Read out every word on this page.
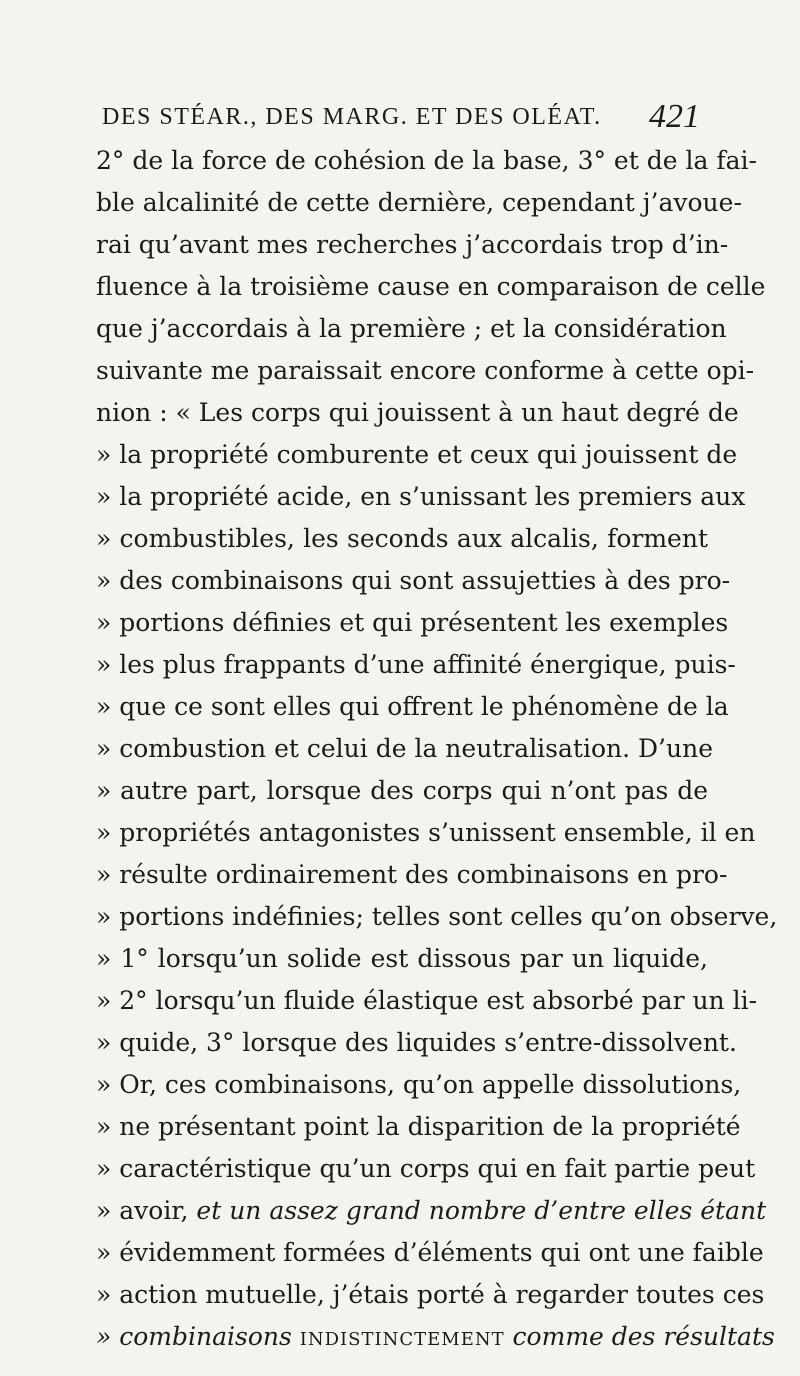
DES STÉAR., DES MARG. ET DES OLÉAT. 421
2° de la force de cohésion de la base, 3° et de la fai-
ble alcalinité de cette dernière, cependant j’avoue-
rai qu’avant mes recherches j’accordais trop d’in-
fluence à la troisième cause en comparaison de celle
que j’accordais à la première ; et la considération
suivante me paraissait encore conforme à cette opi-
nion : « Les corps qui jouissent à un haut degré de
» la propriété comburente et ceux qui jouissent de
» la propriété acide, en s’unissant les premiers aux
» combustibles, les seconds aux alcalis, forment
» des combinaisons qui sont assujetties à des pro-
» portions définies et qui présentent les exemples
» les plus frappants d’une affinité énergique, puis-
» que ce sont elles qui offrent le phénomène de la
» combustion et celui de la neutralisation. D’une
» autre part, lorsque des corps qui n’ont pas de
» propriétés antagonistes s’unissent ensemble, il en
» résulte ordinairement des combinaisons en pro-
» portions indéfinies; telles sont celles qu’on observe,
» 1° lorsqu’un solide est dissous par un liquide,
» 2° lorsqu’un fluide élastique est absorbé par un li-
» quide, 3° lorsque des liquides s’entre-dissolvent.
» Or, ces combinaisons, qu’on appelle dissolutions,
» ne présentant point la disparition de la propriété
» caractéristique qu’un corps qui en fait partie peut
» avoir, et un assez grand nombre d’entre elles étant
» évidemment formées d’éléments qui ont une faible
» action mutuelle, j’étais porté à regarder toutes ces
» combinaisons indistinctement comme des résultats
